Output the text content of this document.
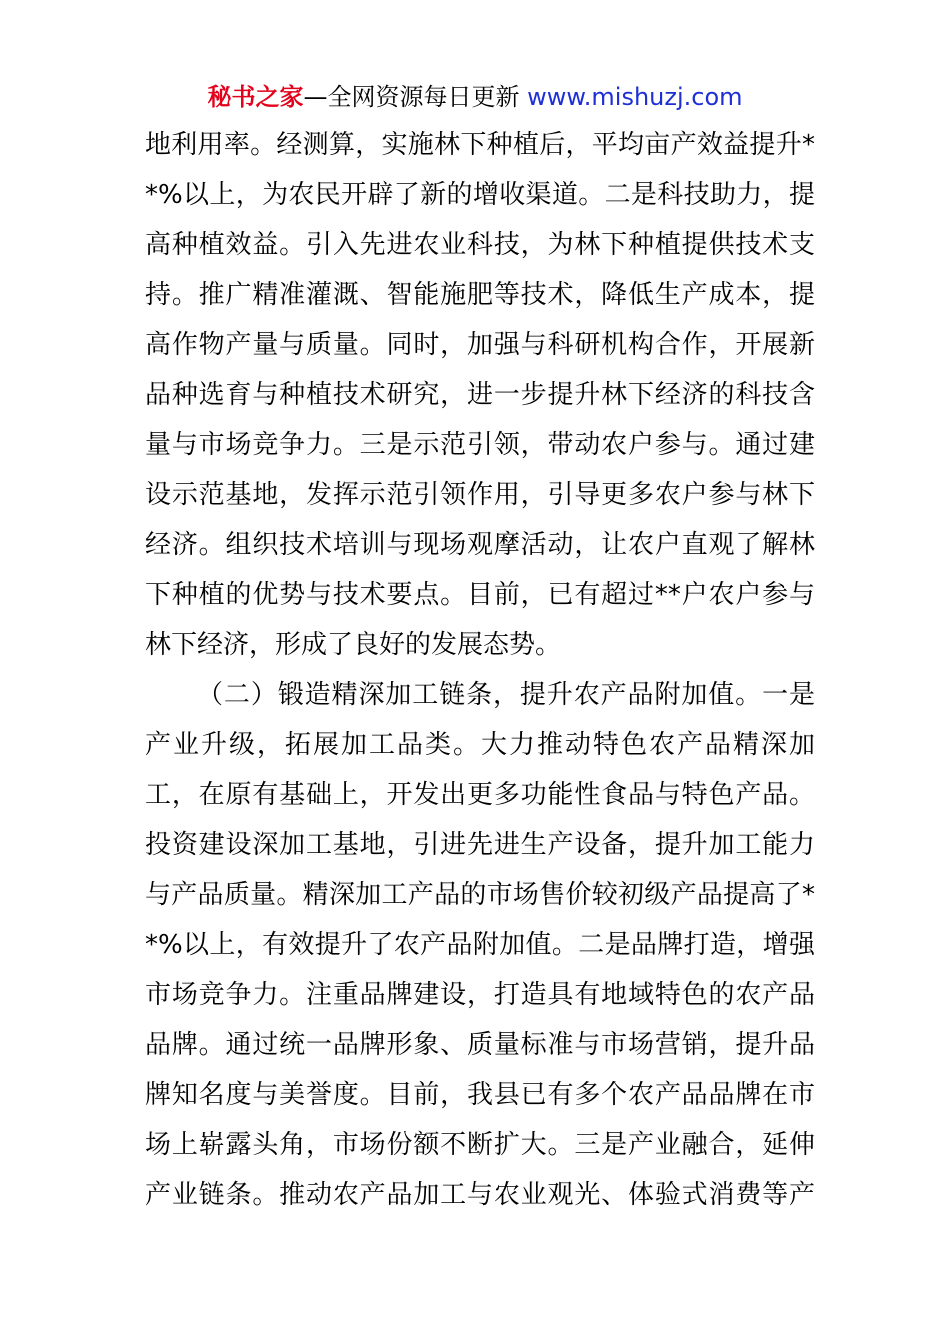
秘书之家—全网资源每日更新 www.mishuzj.com
地利用率。经测算，实施林下种植后，平均亩产效益提升*
*%以上，为农民开辟了新的增收渠道。二是科技助力，提
高种植效益。引入先进农业科技，为林下种植提供技术支
持。推广精准灌溉、智能施肥等技术，降低生产成本，提
高作物产量与质量。同时，加强与科研机构合作，开展新
品种选育与种植技术研究，进一步提升林下经济的科技含
量与市场竞争力。三是示范引领，带动农户参与。通过建
设示范基地，发挥示范引领作用，引导更多农户参与林下
经济。组织技术培训与现场观摩活动，让农户直观了解林
下种植的优势与技术要点。目前，已有超过**户农户参与
林下经济，形成了良好的发展态势。
（二）锻造精深加工链条，提升农产品附加值。一是
产业升级，拓展加工品类。大力推动特色农产品精深加
工，在原有基础上，开发出更多功能性食品与特色产品。
投资建设深加工基地，引进先进生产设备，提升加工能力
与产品质量。精深加工产品的市场售价较初级产品提高了*
*%以上，有效提升了农产品附加值。二是品牌打造，增强
市场竞争力。注重品牌建设，打造具有地域特色的农产品
品牌。通过统一品牌形象、质量标准与市场营销，提升品
牌知名度与美誉度。目前，我县已有多个农产品品牌在市
场上崭露头角，市场份额不断扩大。三是产业融合，延伸
产业链条。推动农产品加工与农业观光、体验式消费等产
